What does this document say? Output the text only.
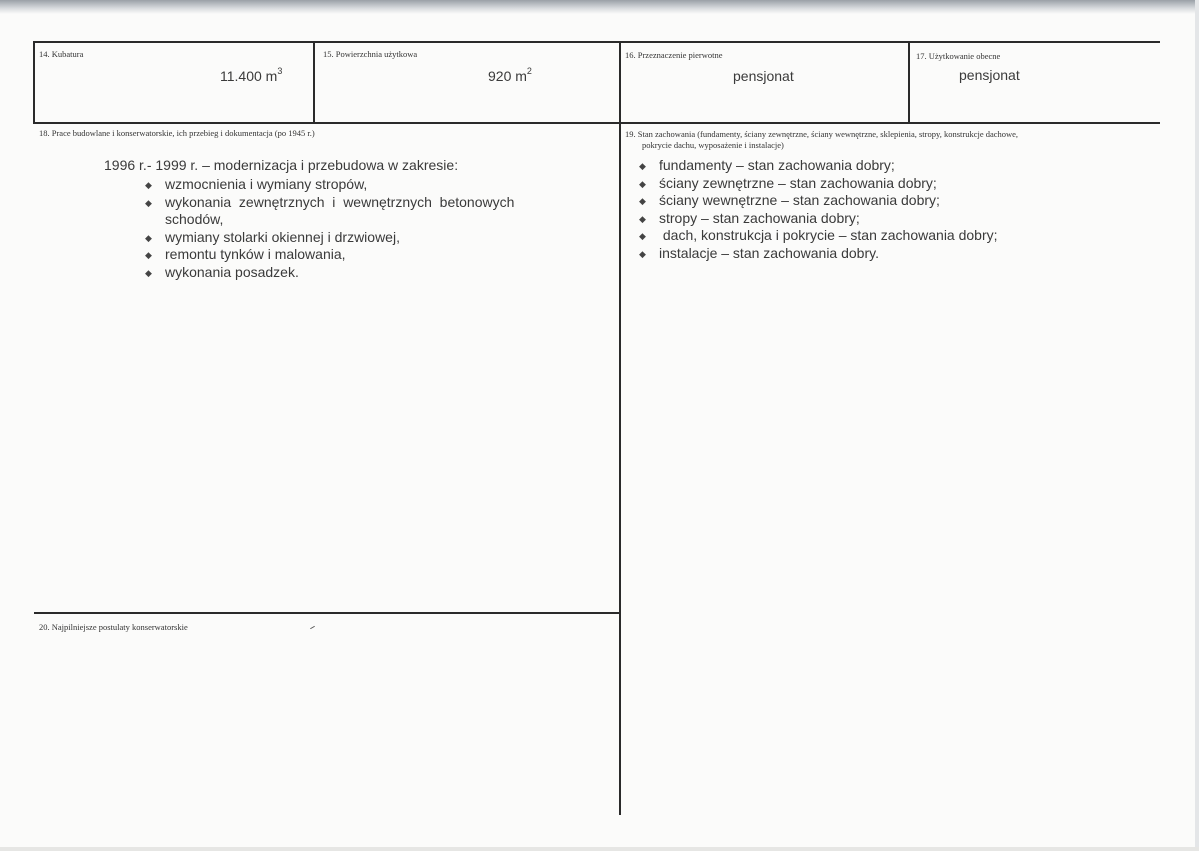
14. Kubatura
11.400 $m^3$
15. Powierzchnia użytkowa
920 $m^2$
16. Przeznaczenie pierwotne
pensjonat
17. Użytkowanie obecne
pensjonat
18. Prace budowlane i konserwatorskie, ich przebieg i dokumentacja (po 1945 r.)
1996 r.- 1999 r. – modernizacja i przebudowa w zakresie:
◆ wzmocnienia i wymiany stropów,
◆ wykonania  zewnętrznych  i  wewnętrznych  betonowych
schodów,
◆ wymiany stolarki okiennej i drzwiowej,
◆ remontu tynków i malowania,
◆ wykonania posadzek.
19. Stan zachowania (fundamenty, ściany zewnętrzne, ściany wewnętrzne, sklepienia, stropy, konstrukcje dachowe,
pokrycie dachu, wyposażenie i instalacje)
◆ fundamenty – stan zachowania dobry;
◆ ściany zewnętrzne – stan zachowania dobry;
◆ ściany wewnętrzne – stan zachowania dobry;
◆ stropy – stan zachowania dobry;
◆ dach, konstrukcja i pokrycie – stan zachowania dobry;
◆ instalacje – stan zachowania dobry.
20. Najpilniejsze postulaty konserwatorskie
